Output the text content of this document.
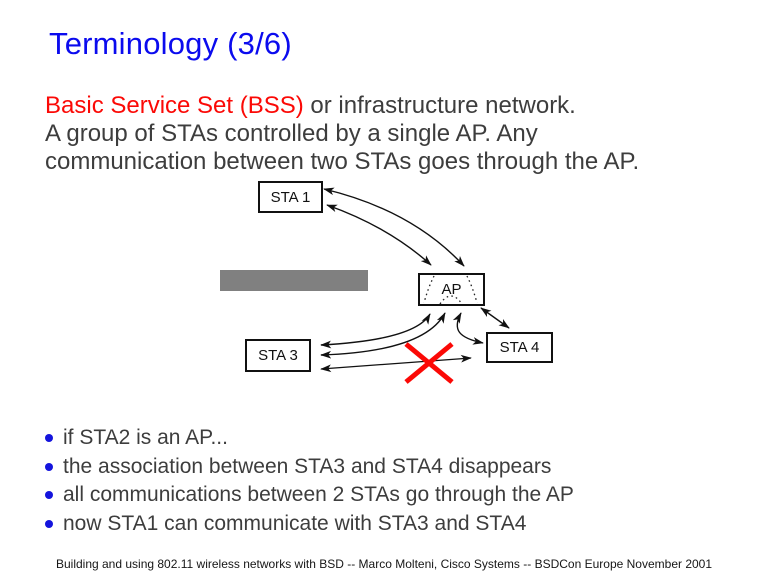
Terminology (3/6)
Basic Service Set (BSS) or infrastructure network.
A group of STAs controlled by a single AP. Any
communication between two STAs goes through the AP.
STA 1
AP
STA 3	STA 4
if STA2 is an AP...
the association between STA3 and STA4 disappears
all communications between 2 STAs go through the AP
now STA1 can communicate with STA3 and STA4
Building and using 802.11 wireless networks with BSD -- Marco Molteni, Cisco Systems -- BSDCon Europe November 2001
